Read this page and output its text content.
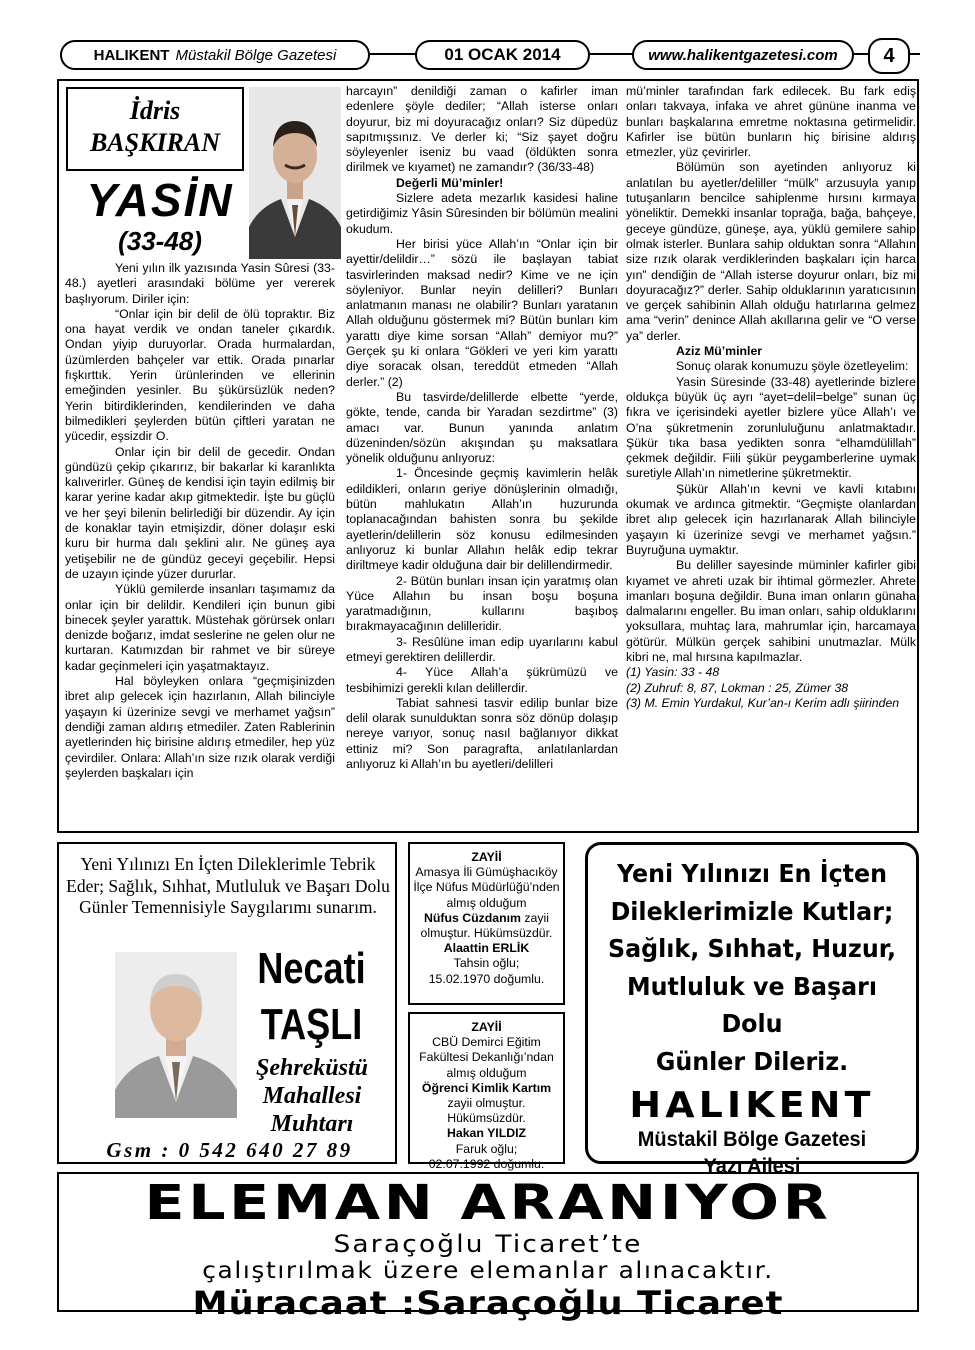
HALIKENT Müstakil Bölge Gazetesi	01 OCAK 2014	www.halikentgazetesi.com	4
İdris
BAŞKIRAN
YASİN
(33-48)

Yeni yılın ilk yazısında Yasin Sûresi (33-48.) ayetleri arasındaki bölüme yer vererek başlıyorum. Diriler için:

“Onlar için bir delil de ölü topraktır. Biz ona hayat verdik ve ondan taneler çıkardık. Ondan yiyip duruyorlar. Orada hurmalardan, üzümlerden bahçeler var ettik. Orada pınarlar fışkırttık. Yerin ürünlerinden ve ellerinin emeğinden yesinler. Bu şükürsüzlük neden? Yerin bitirdiklerinden, kendilerinden ve daha bilmedikleri şeylerden bütün çiftleri yaratan ne yücedir, eşsizdir O.

Onlar için bir delil de gecedir. Ondan gündüzü çekip çıkarırız, bir bakarlar ki karanlıkta kalıverirler. Güneş de kendisi için tayin edilmiş bir karar yerine kadar akıp gitmektedir. İşte bu güçlü ve her şeyi bilenin belirlediği bir düzendir. Ay için de konaklar tayin etmişizdir, döner dolaşır eski kuru bir hurma dalı şeklini alır. Ne güneş aya yetişebilir ne de gündüz geceyi geçebilir. Hepsi de uzayın içinde yüzer dururlar.

Yüklü gemilerde insanları taşımamız da onlar için bir delildir. Kendileri için bunun gibi binecek şeyler yarattık. Müstehak görürsek onları denizde boğarız, imdat seslerine ne gelen olur ne kurtaran. Katımızdan bir rahmet ve bir süreye kadar geçinmeleri için yaşatmaktayız.

Hal böyleyken onlara “geçmişinizden ibret alıp gelecek için hazırlanın, Allah bilinciyle yaşayın ki üzerinize sevgi ve merhamet yağsın” dendiği zaman aldırış etmediler. Zaten Rablerinin ayetlerinden hiç birisine aldırış etmediler, hep yüz çevirdiler. Onlara: Allah’ın size rızık olarak verdiği şeylerden başkaları için

harcayın” denildiği zaman o kafirler iman edenlere şöyle dediler; “Allah isterse onları doyurur, biz mi doyuracağız onları? Siz düpedüz sapıtmışsınız. Ve derler ki; “Siz şayet doğru söyleyenler iseniz bu vaad (öldükten sonra dirilmek ve kıyamet) ne zamandır? (36/33-48)

Değerli Mü’minler!

Sizlere adeta mezarlık kasidesi haline getirdiğimiz Yâsin Sûresinden bir bölümün mealini okudum.

Her birisi yüce Allah’ın “Onlar için bir ayettir/delildir…” sözü ile başlayan tabiat tasvirlerinden maksad nedir? Kime ve ne için söyleniyor. Bunlar neyin delilleri? Bunları anlatmanın manası ne olabilir? Bunları yaratanın Allah olduğunu göstermek mi? Bütün bunları kim yarattı diye kime sorsan “Allah” demiyor mu?” Gerçek şu ki onlara “Gökleri ve yeri kim yarattı diye soracak olsan, tereddüt etmeden “Allah derler.” (2)

Bu tasvirde/delillerde elbette “yerde, gökte, tende, canda bir Yaradan sezdirtme” (3) amacı var. Bunun yanında anlatım düzeninden/sözün akışından şu maksatlara yönelik olduğunu anlıyoruz:

1- Öncesinde geçmiş kavimlerin helâk edildikleri, onların geriye dönüşlerinin olmadığı, bütün mahlukatın Allah’ın huzurunda toplanacağından bahisten sonra bu şekilde ayetlerin/delillerin söz konusu edilmesinden anlıyoruz ki bunlar Allahın helâk edip tekrar diriltmeye kadir olduğuna dair bir delillendirmedir.

2- Bütün bunları insan için yaratmış olan Yüce Allahın bu insan boşu boşuna yaratmadığının, kullarını başıboş bırakmayacağının delilleridir.

3- Resûlüne iman edip uyarılarını kabul etmeyi gerektiren delillerdir.

4- Yüce Allah’a şükrümüzü ve tesbihimizi gerekli kılan delillerdir.

Tabiat sahnesi tasvir edilip bunlar bize delil olarak sunulduktan sonra söz dönüp dolaşıp nereye varıyor, sonuç nasıl bağlanıyor dikkat ettiniz mi? Son paragrafta, anlatılanlardan anlıyoruz ki Allah’ın bu ayetleri/delilleri

mü’minler tarafından fark edilecek. Bu fark ediş onları takvaya, infaka ve ahret gününe inanma ve bunları başkalarına emretme noktasına getirmelidir. Kafirler ise bütün bunların hiç birisine aldırış etmezler, yüz çevirirler.

Bölümün son ayetinden anlıyoruz ki anlatılan bu ayetler/deliller “mülk” arzusuyla yanıp tutuşanların bencilce sahiplenme hırsını kırmaya yöneliktir. Demekki insanlar toprağa, bağa, bahçeye, geceye gündüze, güneşe, aya, yüklü gemilere sahip olmak isterler. Bunlara sahip olduktan sonra “Allahın size rızık olarak verdiklerinden başkaları için harca yın” dendiğin de “Allah isterse doyurur onları, biz mi doyuracağız?” derler. Sahip olduklarının yaratıcısının ve gerçek sahibinin Allah olduğu hatırlarına gelmez ama “verin” denince Allah akıllarına gelir ve “O verse ya” derler.

Aziz Mü’minler

Sonuç olarak konumuzu şöyle özetleyelim:

Yasin Süresinde (33-48) ayetlerinde bizlere oldukça büyük üç ayrı “ayet=delil=belge” sunan üç fıkra ve içerisindeki ayetler bizlere yüce Allah’ı ve O’na şükretmenin zorunluluğunu anlatmaktadır. Şükür tıka basa yedikten sonra “elhamdülillah” çekmek değildir. Fiili şükür peygamberlerine uymak suretiyle Allah’ın nimetlerine şükretmektir.

Şükür Allah’ın kevni ve kavli kıtabını okumak ve ardınca gitmektir. “Geçmişte olanlardan ibret alıp gelecek için hazırlanarak Allah bilinciyle yaşayın ki üzerinize sevgi ve merhamet yağsın.” Buyruğuna uymaktır.

Bu deliller sayesinde müminler kafirler gibi kıyamet ve ahreti uzak bir ihtimal görmezler. Ahrete imanları boşuna değildir. Buna iman onların günaha dalmalarını engeller. Bu iman onları, sahip olduklarını yoksullara, muhtaç lara, mahrumlar için, harcamaya götürür. Mülkün gerçek sahibini unutmazlar. Mülk kibri ne, mal hırsına kapılmazlar.

(1) Yasin: 33 - 48

(2) Zuhruf: 8, 87, Lokman : 25, Zümer 38

(3) M. Emin Yurdakul, Kur’an-ı Kerim adlı şiirinden

Yeni Yılınızı En İçten Dileklerimle Tebrik Eder; Sağlık, Sıhhat, Mutluluk ve Başarı Dolu Günler Temennisiyle Saygılarımı sunarım.
Necati
TAŞLI
Şehreküstü Mahallesi Muhtarı
Gsm : 0 542 640 27 89
ZAYİİ
Amasya İli Gümüşhacıköy İlçe Nüfus Müdürlüğü’nden almış olduğum
Nüfus Cüzdanım zayii olmuştur. Hükümsüzdür.
Alaattin ERLİK
Tahsin oğlu;
15.02.1970 doğumlu.
ZAYİİ
CBÜ Demirci Eğitim Fakültesi Dekanlığı’ndan almış olduğum
Öğrenci Kimlik Kartım zayii olmuştur. Hükümsüzdür.
Hakan YILDIZ
Faruk oğlu;
02.07.1992 doğumlu.
Yeni Yılınızı En İçten
Dileklerimizle Kutlar;
Sağlık, Sıhhat, Huzur,
Mutluluk ve Başarı Dolu
Günler Dileriz.
HALIKENT
Müstakil Bölge Gazetesi
Yazı Ailesi
ELEMAN ARANIYOR
Saraçoğlu Ticaret’te
çalıştırılmak üzere elemanlar alınacaktır.
Müracaat :Saraçoğlu Ticaret
